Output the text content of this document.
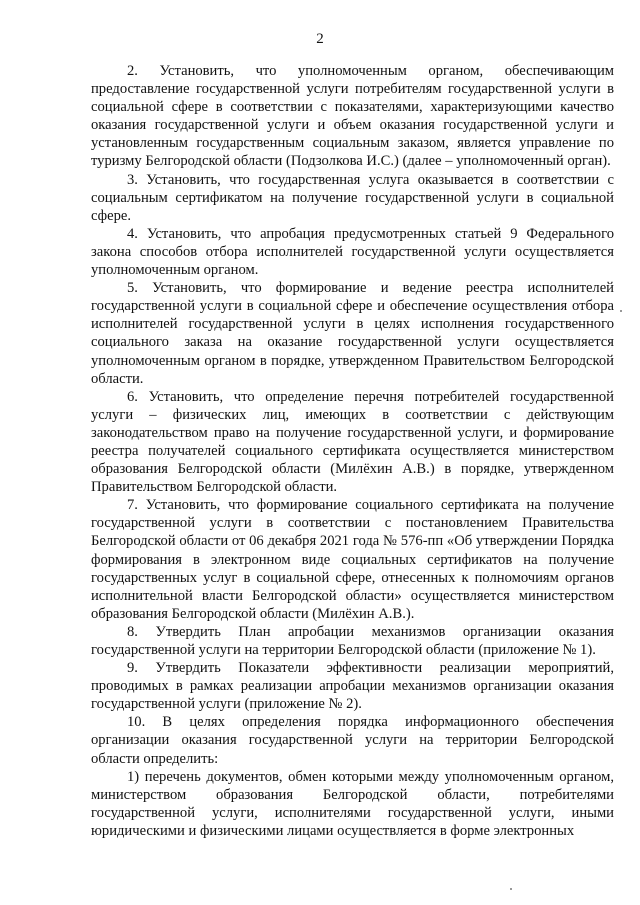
2

2. Установить, что уполномоченным органом, обеспечивающим предоставление государственной услуги потребителям государственной услуги в социальной сфере в соответствии с показателями, характеризующими качество оказания государственной услуги и объем оказания государственной услуги и установленным государственным социальным заказом, является управление по туризму Белгородской области (Подзолкова И.С.) (далее – уполномоченный орган).

3. Установить, что государственная услуга оказывается в соответствии с социальным сертификатом на получение государственной услуги в социальной сфере.

4. Установить, что апробация предусмотренных статьей 9 Федерального закона способов отбора исполнителей государственной услуги осуществляется уполномоченным органом.

5. Установить, что формирование и ведение реестра исполнителей государственной услуги в социальной сфере и обеспечение осуществления отбора исполнителей государственной услуги в целях исполнения государственного социального заказа на оказание государственной услуги осуществляется уполномоченным органом в порядке, утвержденном Правительством Белгородской области.

6. Установить, что определение перечня потребителей государственной услуги – физических лиц, имеющих в соответствии с действующим законодательством право на получение государственной услуги, и формирование реестра получателей социального сертификата осуществляется министерством образования Белгородской области (Милёхин А.В.) в порядке, утвержденном Правительством Белгородской области.

7. Установить, что формирование социального сертификата на получение государственной услуги в соответствии с постановлением Правительства Белгородской области от 06 декабря 2021 года № 576-пп «Об утверждении Порядка формирования в электронном виде социальных сертификатов на получение государственных услуг в социальной сфере, отнесенных к полномочиям органов исполнительной власти Белгородской области» осуществляется министерством образования Белгородской области (Милёхин А.В.).

8. Утвердить План апробации механизмов организации оказания государственной услуги на территории Белгородской области (приложение № 1).

9. Утвердить Показатели эффективности реализации мероприятий, проводимых в рамках реализации апробации механизмов организации оказания государственной услуги (приложение № 2).

10. В целях определения порядка информационного обеспечения организации оказания государственной услуги на территории Белгородской области определить:

1) перечень документов, обмен которыми между уполномоченным органом, министерством образования Белгородской области, потребителями государственной услуги, исполнителями государственной услуги, иными юридическими и физическими лицами осуществляется в форме электронных
